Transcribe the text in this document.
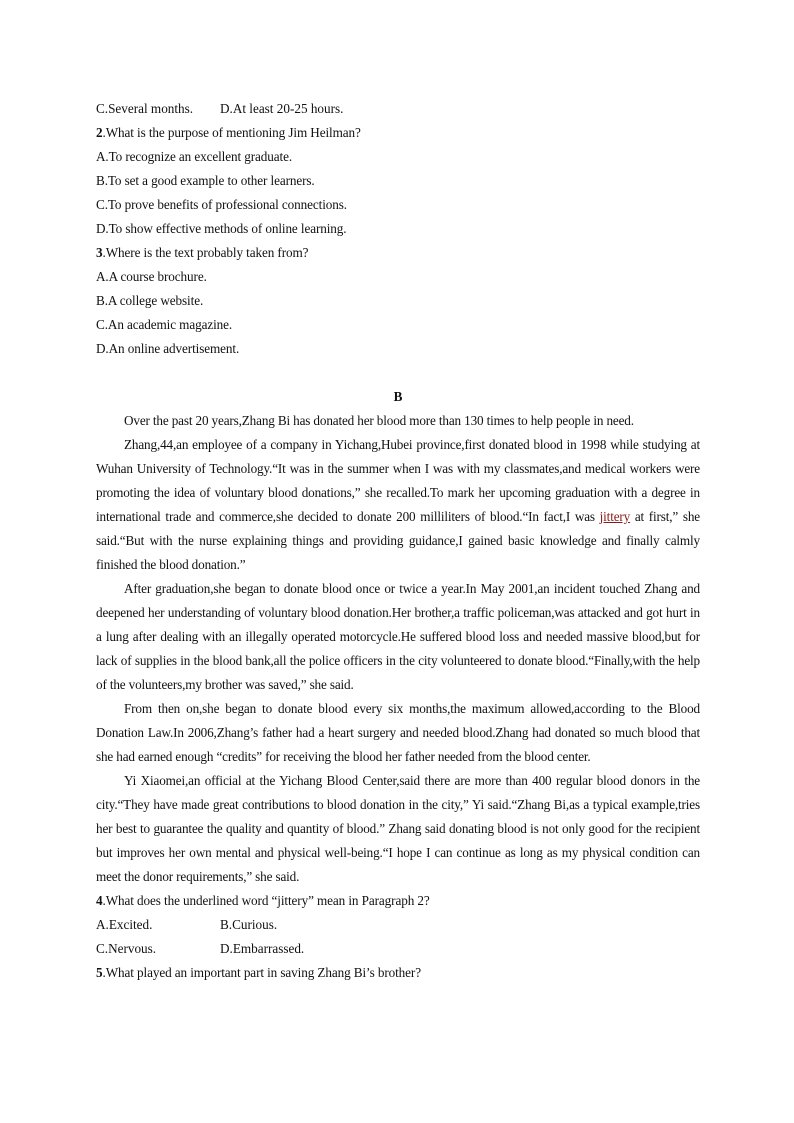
C.Several months. D.At least 20-25 hours.
2.What is the purpose of mentioning Jim Heilman?
A.To recognize an excellent graduate.
B.To set a good example to other learners.
C.To prove benefits of professional connections.
D.To show effective methods of online learning.
3.Where is the text probably taken from?
A.A course brochure.
B.A college website.
C.An academic magazine.
D.An online advertisement.
B

Over the past 20 years,Zhang Bi has donated her blood more than 130 times to help people in need.

Zhang,44,an employee of a company in Yichang,Hubei province,first donated blood in 1998 while studying at Wuhan University of Technology.“It was in the summer when I was with my classmates,and medical workers were promoting the idea of voluntary blood donations,” she recalled.To mark her upcoming graduation with a degree in international trade and commerce,she decided to donate 200 milliliters of blood.“In fact,I was jittery at first,” she said.“But with the nurse explaining things and providing guidance,I gained basic knowledge and finally calmly finished the blood donation.”

After graduation,she began to donate blood once or twice a year.In May 2001,an incident touched Zhang and deepened her understanding of voluntary blood donation.Her brother,a traffic policeman,was attacked and got hurt in a lung after dealing with an illegally operated motorcycle.He suffered blood loss and needed massive blood,but for lack of supplies in the blood bank,all the police officers in the city volunteered to donate blood.“Finally,with the help of the volunteers,my brother was saved,” she said.

From then on,she began to donate blood every six months,the maximum allowed,according to the Blood Donation Law.In 2006,Zhang’s father had a heart surgery and needed blood.Zhang had donated so much blood that she had earned enough “credits” for receiving the blood her father needed from the blood center.

Yi Xiaomei,an official at the Yichang Blood Center,said there are more than 400 regular blood donors in the city.“They have made great contributions to blood donation in the city,” Yi said.“Zhang Bi,as a typical example,tries her best to guarantee the quality and quantity of blood.” Zhang said donating blood is not only good for the recipient but improves her own mental and physical well-being.“I hope I can continue as long as my physical condition can meet the donor requirements,” she said.

4.What does the underlined word “jittery” mean in Paragraph 2?
A.Excited.	B.Curious.
C.Nervous.	D.Embarrassed.
5.What played an important part in saving Zhang Bi’s brother?
